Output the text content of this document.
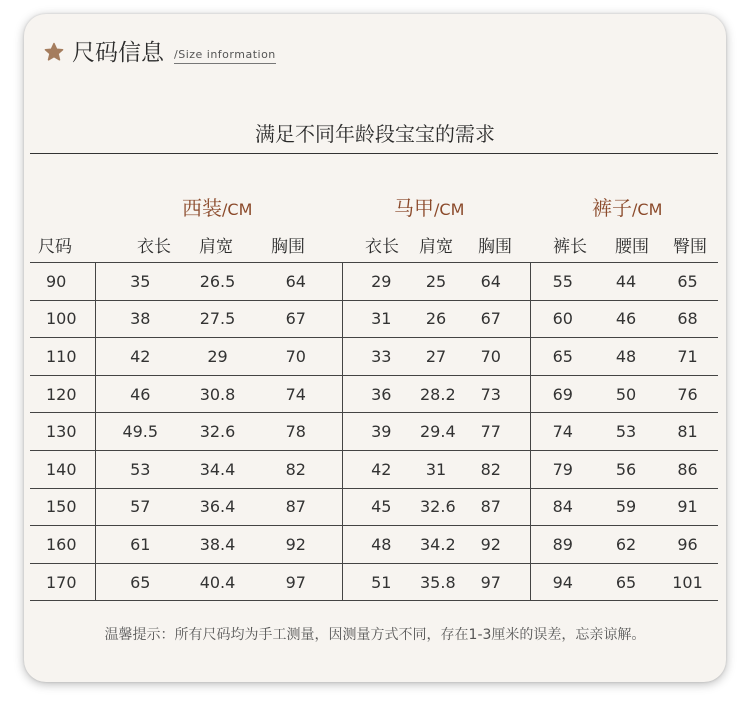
尺码信息 /Size information
满足不同年龄段宝宝的需求
西装/CM	马甲/CM	裤子/CM
尺码	衣长	肩宽	胸围	衣长	肩宽	胸围	裤长	腰围	臀围
90	35	26.5	64	29	25	64	55	44	65
100	38	27.5	67	31	26	67	60	46	68
110	42	29	70	33	27	70	65	48	71
120	46	30.8	74	36	28.2	73	69	50	76
130	49.5	32.6	78	39	29.4	77	74	53	81
140	53	34.4	82	42	31	82	79	56	86
150	57	36.4	87	45	32.6	87	84	59	91
160	61	38.4	92	48	34.2	92	89	62	96
170	65	40.4	97	51	35.8	97	94	65	101
温馨提示：所有尺码均为手工测量，因测量方式不同，存在1-3厘米的误差，忘亲谅解。
